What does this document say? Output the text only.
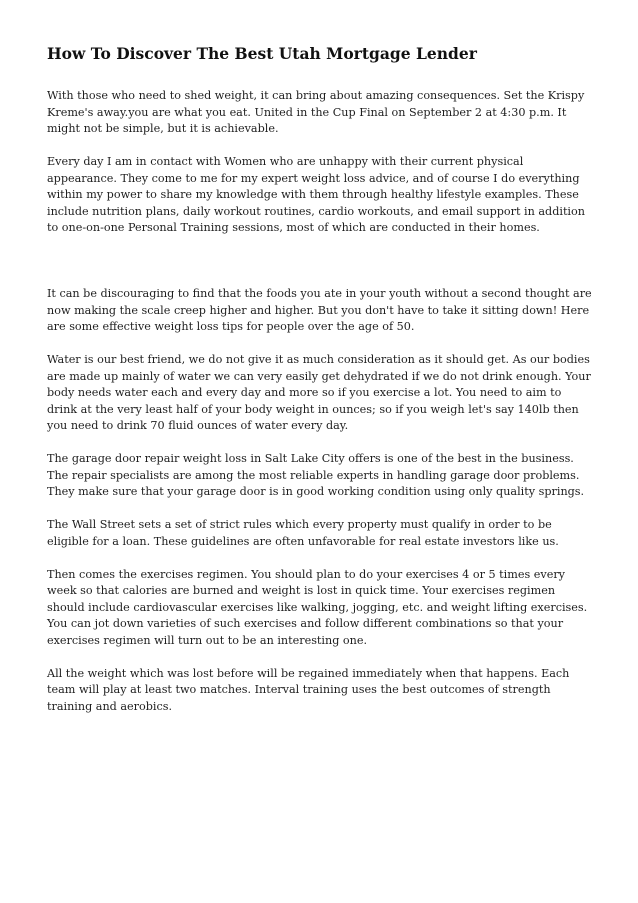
How To Discover The Best Utah Mortgage Lender

With those who need to shed weight, it can bring about amazing consequences. Set the Krispy Kreme's away.you are what you eat. United in the Cup Final on September 2 at 4:30 p.m. It might not be simple, but it is achievable.

Every day I am in contact with Women who are unhappy with their current physical appearance. They come to me for my expert weight loss advice, and of course I do everything within my power to share my knowledge with them through healthy lifestyle examples. These include nutrition plans, daily workout routines, cardio workouts, and email support in addition to one-on-one Personal Training sessions, most of which are conducted in their homes.

It can be discouraging to find that the foods you ate in your youth without a second thought are now making the scale creep higher and higher. But you don't have to take it sitting down! Here are some effective weight loss tips for people over the age of 50.

Water is our best friend, we do not give it as much consideration as it should get. As our bodies are made up mainly of water we can very easily get dehydrated if we do not drink enough. Your body needs water each and every day and more so if you exercise a lot. You need to aim to drink at the very least half of your body weight in ounces; so if you weigh let's say 140lb then you need to drink 70 fluid ounces of water every day.

The garage door repair weight loss in Salt Lake City offers is one of the best in the business. The repair specialists are among the most reliable experts in handling garage door problems. They make sure that your garage door is in good working condition using only quality springs.

The Wall Street sets a set of strict rules which every property must qualify in order to be eligible for a loan. These guidelines are often unfavorable for real estate investors like us.

Then comes the exercises regimen. You should plan to do your exercises 4 or 5 times every week so that calories are burned and weight is lost in quick time. Your exercises regimen should include cardiovascular exercises like walking, jogging, etc. and weight lifting exercises. You can jot down varieties of such exercises and follow different combinations so that your exercises regimen will turn out to be an interesting one.

All the weight which was lost before will be regained immediately when that happens. Each team will play at least two matches. Interval training uses the best outcomes of strength training and aerobics.
